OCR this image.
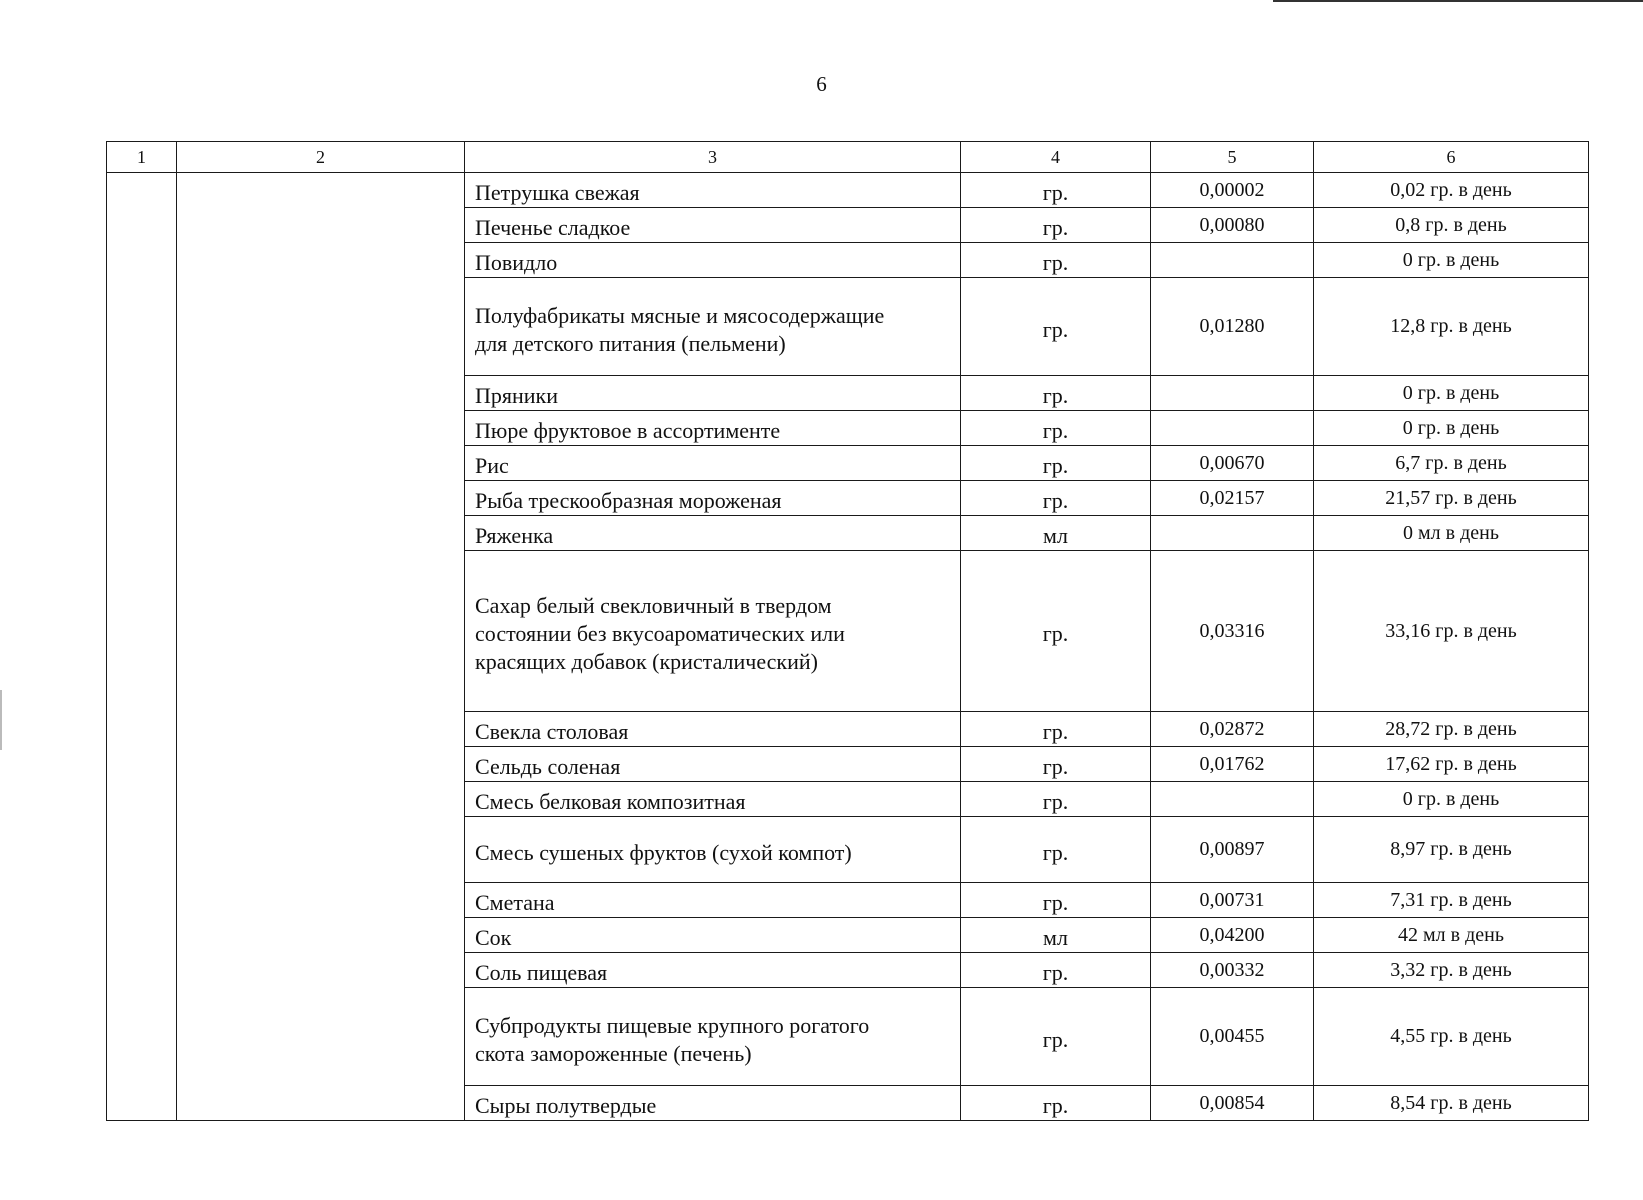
6
1	2	3	4	5	6
		Петрушка свежая	гр.	0,00002	0,02 гр. в день
		Печенье сладкое	гр.	0,00080	0,8 гр. в день
		Повидло	гр.		0 гр. в день
		Полуфабрикаты мясные и мясосодержащие
для детского питания (пельмени)	гр.	0,01280	12,8 гр. в день
		Пряники	гр.		0 гр. в день
		Пюре фруктовое в ассортименте	гр.		0 гр. в день
		Рис	гр.	0,00670	6,7 гр. в день
		Рыба трескообразная мороженая	гр.	0,02157	21,57 гр. в день
		Ряженка	мл		0 мл в день
		Сахар белый свекловичный в твердом
состоянии без вкусоароматических или
красящих добавок (кристалический)	гр.	0,03316	33,16 гр. в день
		Свекла столовая	гр.	0,02872	28,72 гр. в день
		Сельдь соленая	гр.	0,01762	17,62 гр. в день
		Смесь белковая композитная	гр.		0 гр. в день
		Смесь сушеных фруктов (сухой компот)	гр.	0,00897	8,97 гр. в день
		Сметана	гр.	0,00731	7,31 гр. в день
		Сок	мл	0,04200	42 мл в день
		Соль пищевая	гр.	0,00332	3,32 гр. в день
		Субпродукты пищевые крупного рогатого
скота замороженные (печень)	гр.	0,00455	4,55 гр. в день
		Сыры полутвердые	гр.	0,00854	8,54 гр. в день
